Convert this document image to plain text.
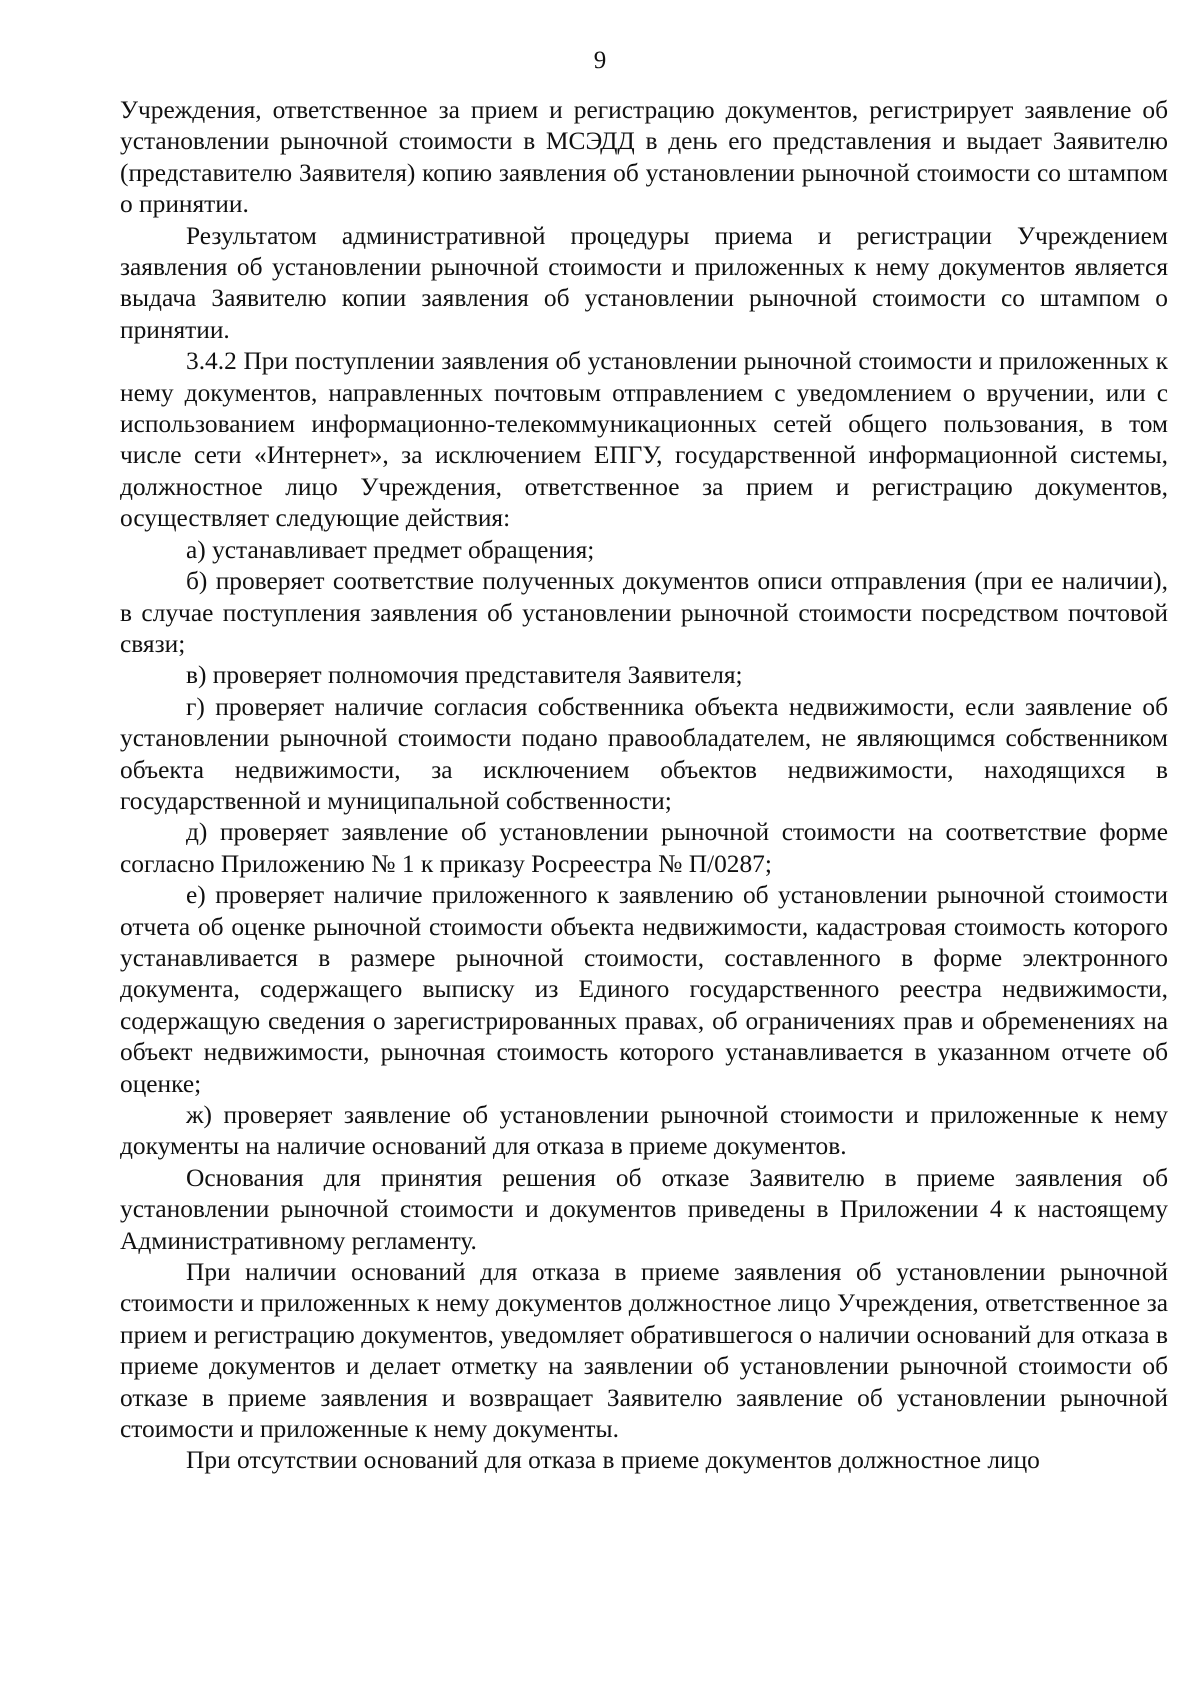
9

Учреждения, ответственное за прием и регистрацию документов, регистрирует заявление об установлении рыночной стоимости в МСЭДД в день его представления и выдает Заявителю (представителю Заявителя) копию заявления об установлении рыночной стоимости со штампом о принятии.

Результатом административной процедуры приема и регистрации Учреждением заявления об установлении рыночной стоимости и приложенных к нему документов является выдача Заявителю копии заявления об установлении рыночной стоимости со штампом о принятии.

3.4.2 При поступлении заявления об установлении рыночной стоимости и приложенных к нему документов, направленных почтовым отправлением с уведомлением о вручении, или с использованием информационно-телекоммуникационных сетей общего пользования, в том числе сети «Интернет», за исключением ЕПГУ, государственной информационной системы, должностное лицо Учреждения, ответственное за прием и регистрацию документов, осуществляет следующие действия:

а) устанавливает предмет обращения;

б) проверяет соответствие полученных документов описи отправления (при ее наличии), в случае поступления заявления об установлении рыночной стоимости посредством почтовой связи;

в) проверяет полномочия представителя Заявителя;

г) проверяет наличие согласия собственника объекта недвижимости, если заявление об установлении рыночной стоимости подано правообладателем, не являющимся собственником объекта недвижимости, за исключением объектов недвижимости, находящихся в государственной и муниципальной собственности;

д) проверяет заявление об установлении рыночной стоимости на соответствие форме согласно Приложению № 1 к приказу Росреестра № П/0287;

е) проверяет наличие приложенного к заявлению об установлении рыночной стоимости отчета об оценке рыночной стоимости объекта недвижимости, кадастровая стоимость которого устанавливается в размере рыночной стоимости, составленного в форме электронного документа, содержащего выписку из Единого государственного реестра недвижимости, содержащую сведения о зарегистрированных правах, об ограничениях прав и обременениях на объект недвижимости, рыночная стоимость которого устанавливается в указанном отчете об оценке;

ж) проверяет заявление об установлении рыночной стоимости и приложенные к нему документы на наличие оснований для отказа в приеме документов.

Основания для принятия решения об отказе Заявителю в приеме заявления об установлении рыночной стоимости и документов приведены в Приложении 4 к настоящему Административному регламенту.

При наличии оснований для отказа в приеме заявления об установлении рыночной стоимости и приложенных к нему документов должностное лицо Учреждения, ответственное за прием и регистрацию документов, уведомляет обратившегося о наличии оснований для отказа в приеме документов и делает отметку на заявлении об установлении рыночной стоимости об отказе в приеме заявления и возвращает Заявителю заявление об установлении рыночной стоимости и приложенные к нему документы.

При отсутствии оснований для отказа в приеме документов должностное лицо
